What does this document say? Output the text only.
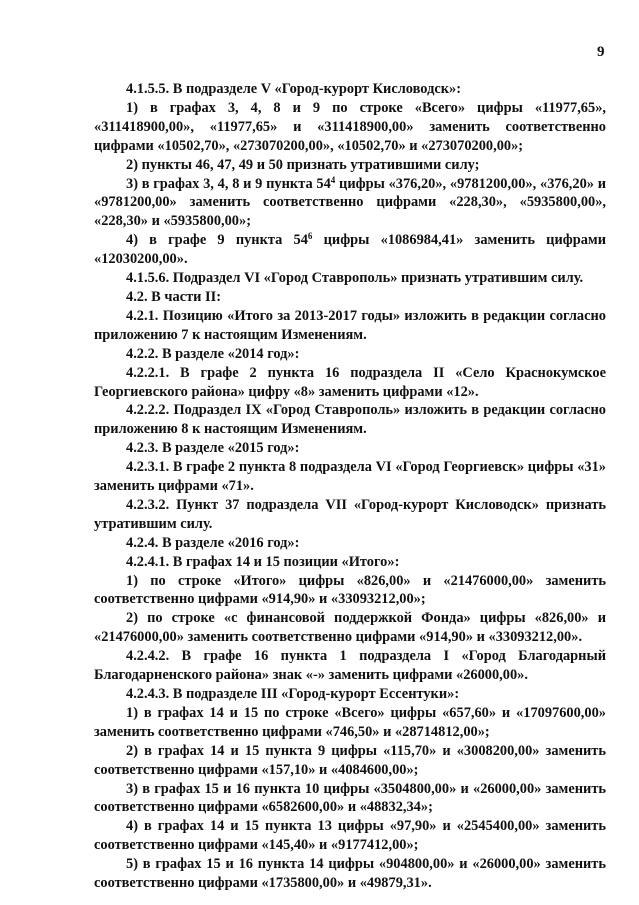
9

4.1.5.5. В подразделе V «Город-курорт Кисловодск»:

1) в графах 3, 4, 8 и 9 по строке «Всего» цифры «11977,65», «311418900,00», «11977,65» и «311418900,00» заменить соответственно цифрами «10502,70», «273070200,00», «10502,70» и «273070200,00»;

2) пункты 46, 47, 49 и 50 признать утратившими силу;

3) в графах 3, 4, 8 и 9 пункта $54^4$ цифры «376,20», «9781200,00», «376,20» и «9781200,00» заменить соответственно цифрами «228,30», «5935800,00», «228,30» и «5935800,00»;

4) в графе 9 пункта $54^6$ цифры «1086984,41» заменить цифрами «12030200,00».

4.1.5.6. Подраздел VI «Город Ставрополь» признать утратившим силу.

4.2. В части II:

4.2.1. Позицию «Итого за 2013-2017 годы» изложить в редакции согласно приложению 7 к настоящим Изменениям.

4.2.2. В разделе «2014 год»:

4.2.2.1. В графе 2 пункта 16 подраздела II «Село Краснокумское Георгиевского района» цифру «8» заменить цифрами «12».

4.2.2.2. Подраздел IX «Город Ставрополь» изложить в редакции согласно приложению 8 к настоящим Изменениям.

4.2.3. В разделе «2015 год»:

4.2.3.1. В графе 2 пункта 8 подраздела VI «Город Георгиевск» цифры «31» заменить цифрами «71».

4.2.3.2. Пункт 37 подраздела VII «Город-курорт Кисловодск» признать утратившим силу.

4.2.4. В разделе «2016 год»:

4.2.4.1. В графах 14 и 15 позиции «Итого»:

1) по строке «Итого» цифры «826,00» и «21476000,00» заменить соответственно цифрами «914,90» и «33093212,00»;

2) по строке «с финансовой поддержкой Фонда» цифры «826,00» и «21476000,00» заменить соответственно цифрами «914,90» и «33093212,00».

4.2.4.2. В графе 16 пункта 1 подраздела I «Город Благодарный Благодарненского района» знак «-» заменить цифрами «26000,00».

4.2.4.3. В подразделе III «Город-курорт Ессентуки»:

1) в графах 14 и 15 по строке «Всего» цифры «657,60» и «17097600,00» заменить соответственно цифрами «746,50» и «28714812,00»;

2) в графах 14 и 15 пункта 9 цифры «115,70» и «3008200,00» заменить соответственно цифрами «157,10» и «4084600,00»;

3) в графах 15 и 16 пункта 10 цифры «3504800,00» и «26000,00» заменить соответственно цифрами «6582600,00» и «48832,34»;

4) в графах 14 и 15 пункта 13 цифры «97,90» и «2545400,00» заменить соответственно цифрами «145,40» и «9177412,00»;

5) в графах 15 и 16 пункта 14 цифры «904800,00» и «26000,00» заменить соответственно цифрами «1735800,00» и «49879,31».
